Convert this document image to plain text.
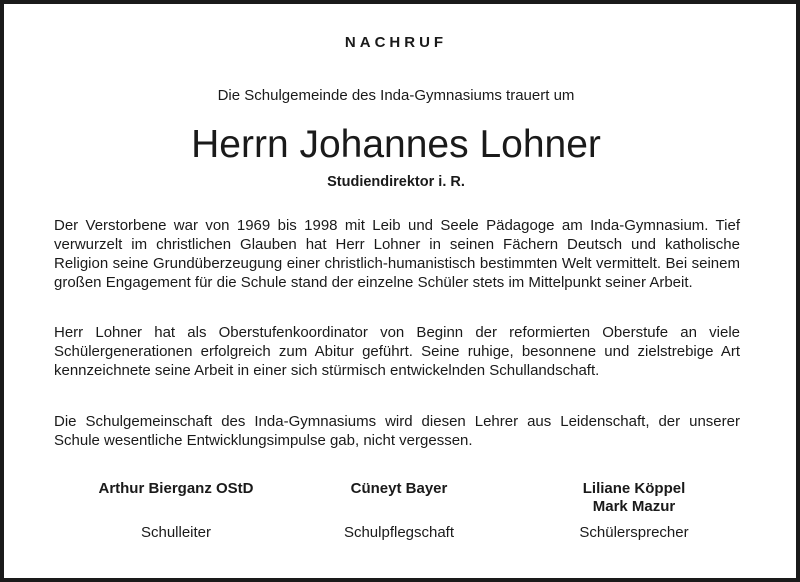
NACHRUF
Die Schulgemeinde des Inda-Gymnasiums trauert um
Herrn Johannes Lohner
Studiendirektor i. R.

Der Verstorbene war von 1969 bis 1998 mit Leib und Seele Pädagoge am Inda-Gymnasium. Tief verwurzelt im christlichen Glauben hat Herr Lohner in seinen Fächern Deutsch und katholische Religion seine Grundüberzeugung einer christlich-humanistisch bestimmten Welt vermittelt. Bei seinem großen Engagement für die Schule stand der einzelne Schüler stets im Mittelpunkt seiner Arbeit.

Herr Lohner hat als Oberstufenkoordinator von Beginn der reformierten Oberstufe an viele Schülergenerationen erfolgreich zum Abitur geführt. Seine ruhige, besonnene und zielstrebige Art kennzeichnete seine Arbeit in einer sich stürmisch entwickelnden Schullandschaft.

Die Schulgemeinschaft des Inda-Gymnasiums wird diesen Lehrer aus Leidenschaft, der unserer Schule wesentliche Entwicklungsimpulse gab, nicht vergessen.

Arthur Bierganz OStD
Schulleiter
Cüneyt Bayer
Schulpflegschaft
Liliane Köppel
Mark Mazur
Schülersprecher
